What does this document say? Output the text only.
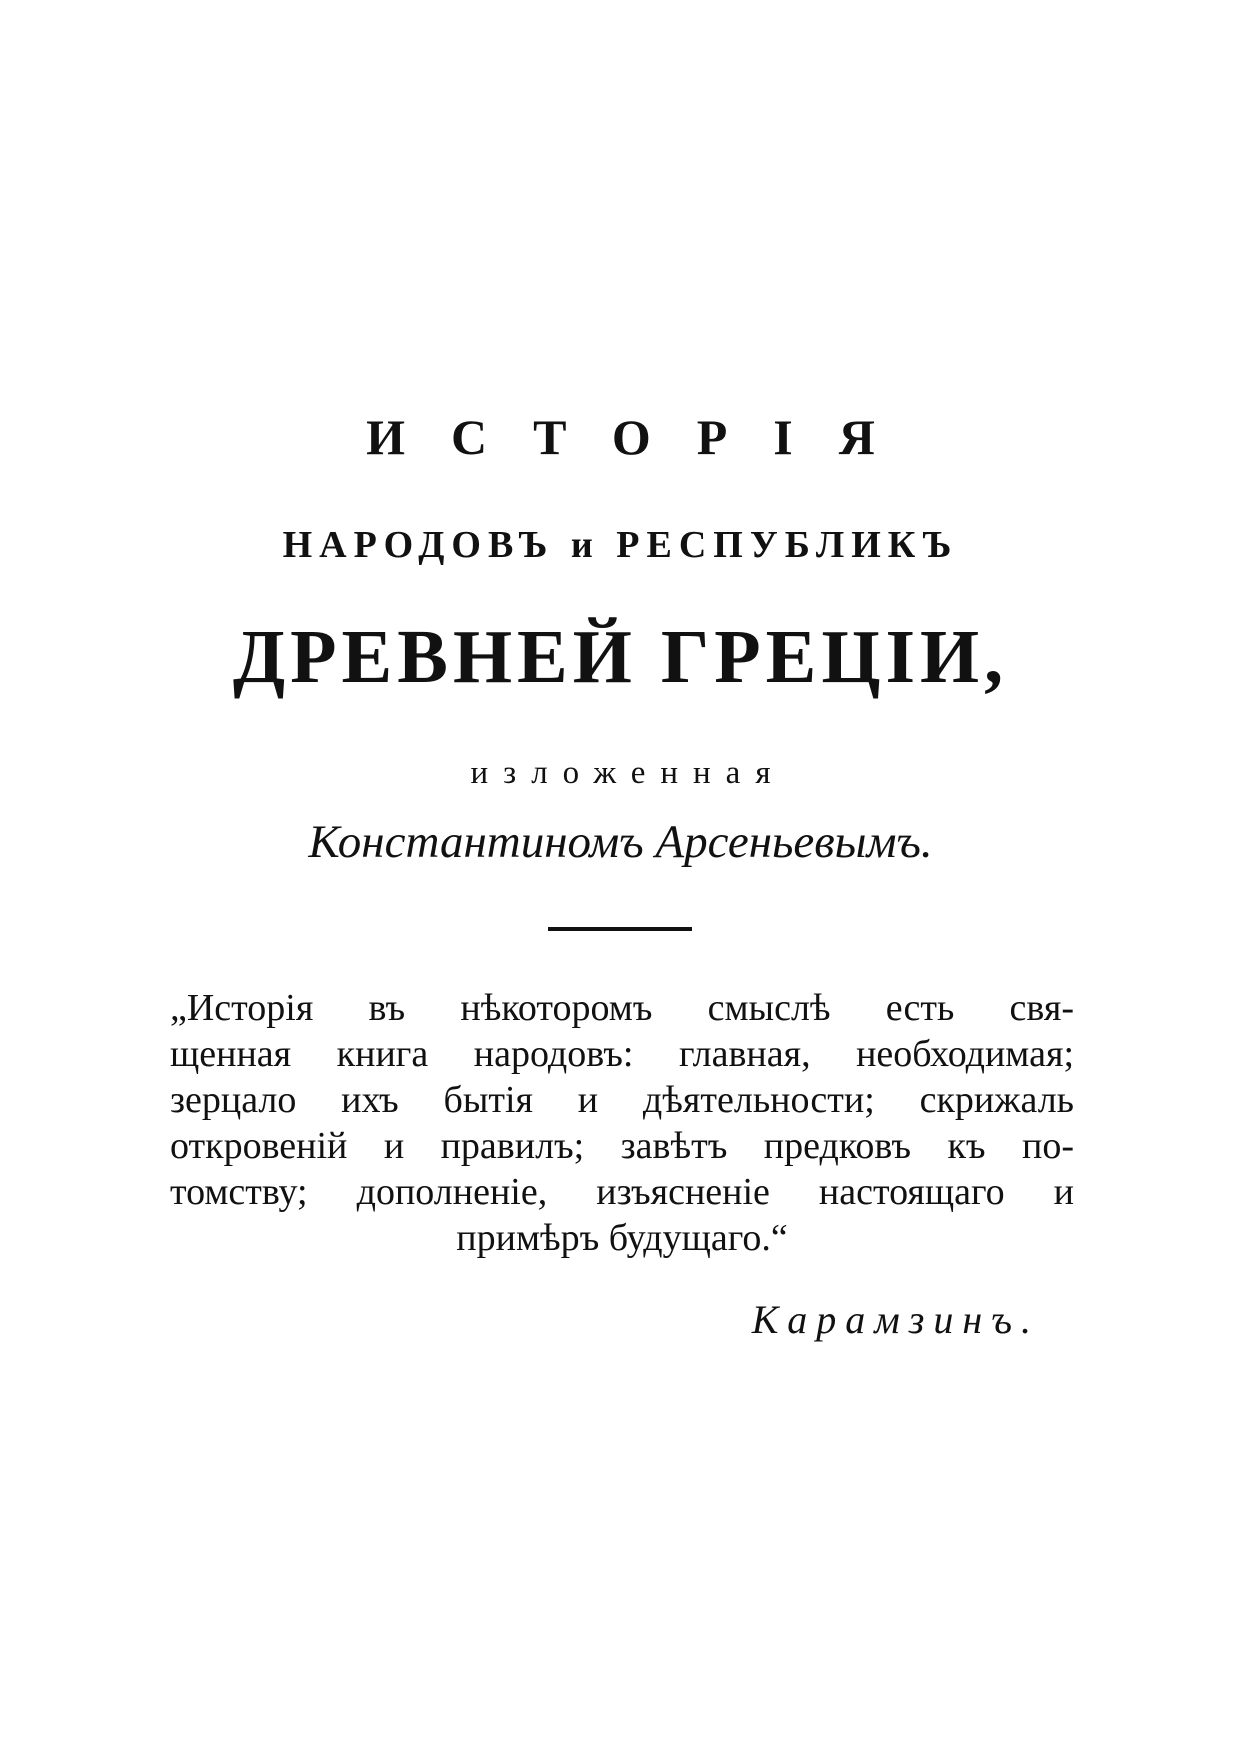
ИСТОРІЯ
НАРОДОВЪ и РЕСПУБЛИКЪ
ДРЕВНЕЙ ГРЕЦІИ,
изложенная
Константиномъ Арсеньевымъ.
„Исторія въ нѣкоторомъ смыслѣ есть свя-
щенная книга народовъ: главная, необходимая;
зерцало ихъ бытія и дѣятельности; скрижаль
откровеній и правилъ; завѣтъ предковъ къ по-
томству; дополненіе, изъясненіе настоящаго и
примѣръ будущаго.“
Карамзинъ.
